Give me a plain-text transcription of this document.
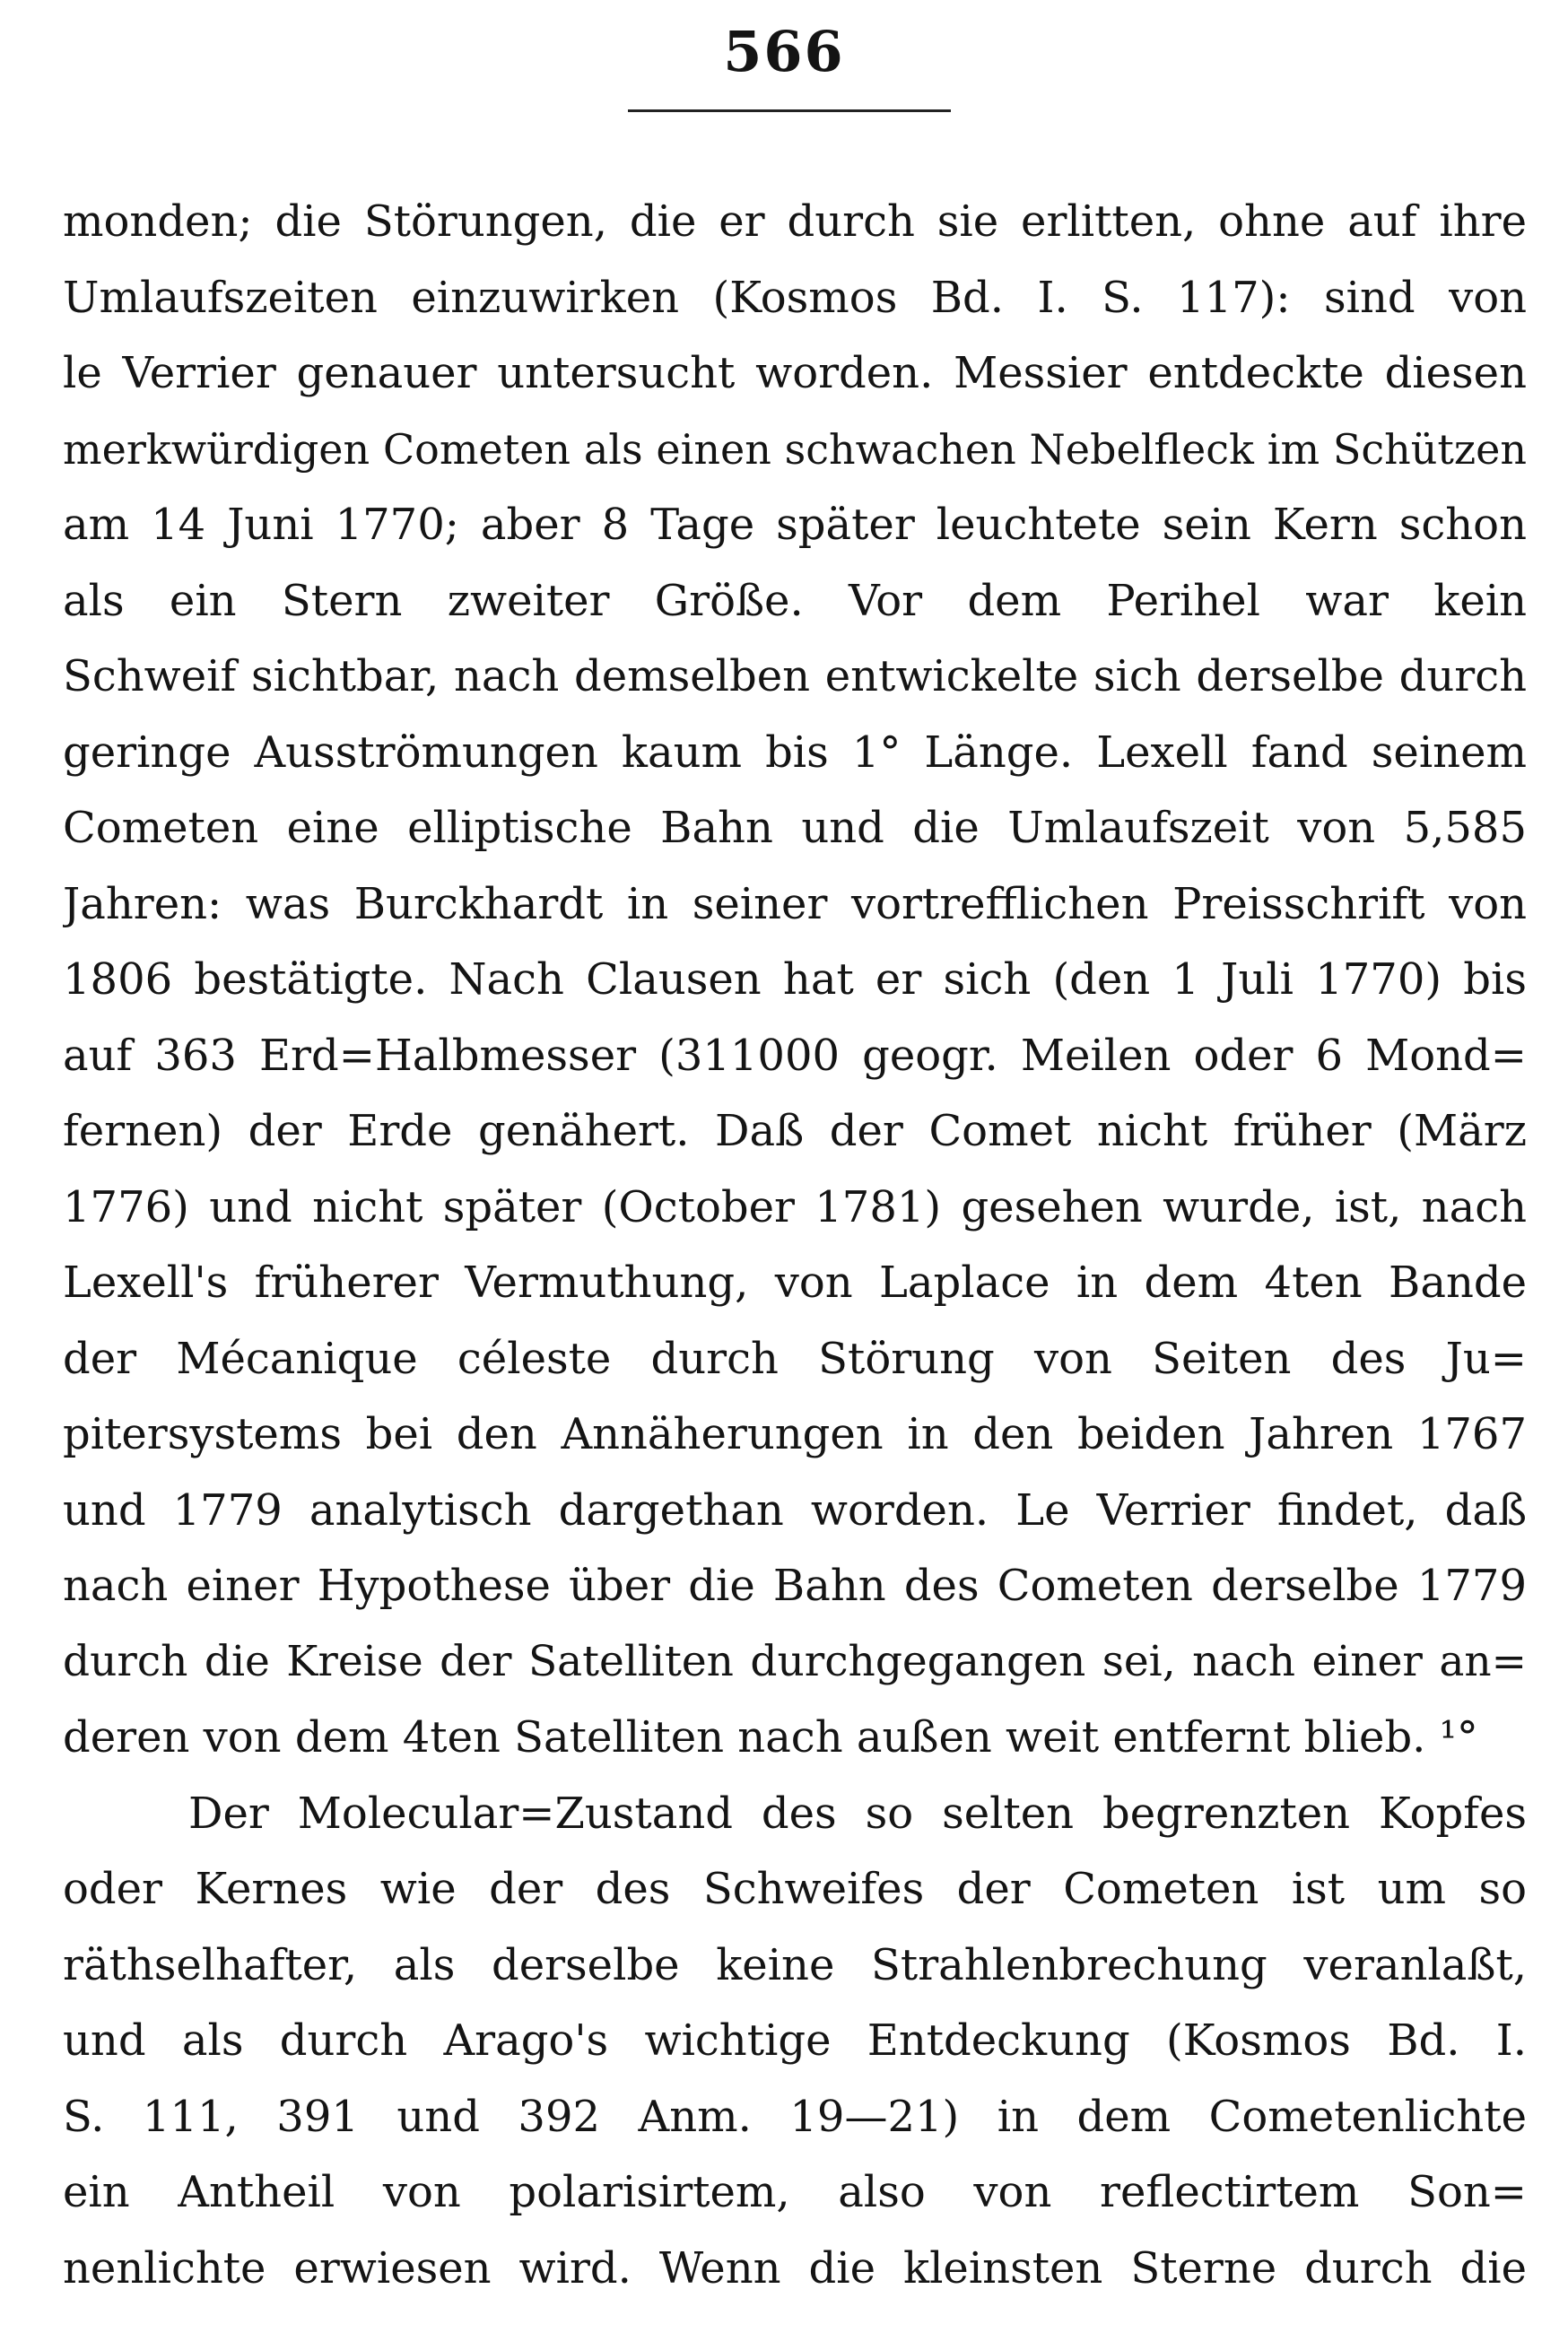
566
monden; die Störungen, die er durch sie erlitten, ohne auf ihre
Umlaufszeiten einzuwirken (Kosmos Bd. I. S. 117): sind von
le Verrier genauer untersucht worden. Messier entdeckte diesen
merkwürdigen Cometen als einen schwachen Nebelfleck im Schützen
am 14 Juni 1770; aber 8 Tage später leuchtete sein Kern schon
als ein Stern zweiter Größe. Vor dem Perihel war kein
Schweif sichtbar, nach demselben entwickelte sich derselbe durch
geringe Ausströmungen kaum bis 1° Länge. Lexell fand seinem
Cometen eine elliptische Bahn und die Umlaufszeit von 5,585
Jahren: was Burckhardt in seiner vortrefflichen Preisschrift von
1806 bestätigte. Nach Clausen hat er sich (den 1 Juli 1770) bis
auf 363 Erd=Halbmesser (311000 geogr. Meilen oder 6 Mond=
fernen) der Erde genähert. Daß der Comet nicht früher (März
1776) und nicht später (October 1781) gesehen wurde, ist, nach
Lexell's früherer Vermuthung, von Laplace in dem 4ten Bande
der Mécanique céleste durch Störung von Seiten des Ju=
pitersystems bei den Annäherungen in den beiden Jahren 1767
und 1779 analytisch dargethan worden. Le Verrier findet, daß
nach einer Hypothese über die Bahn des Cometen derselbe 1779
durch die Kreise der Satelliten durchgegangen sei, nach einer an=
deren von dem 4ten Satelliten nach außen weit entfernt blieb. ¹°
Der Molecular=Zustand des so selten begrenzten Kopfes
oder Kernes wie der des Schweifes der Cometen ist um so
räthselhafter, als derselbe keine Strahlenbrechung veranlaßt,
und als durch Arago's wichtige Entdeckung (Kosmos Bd. I.
S. 111, 391 und 392 Anm. 19—21) in dem Cometenlichte
ein Antheil von polarisirtem, also von reflectirtem Son=
nenlichte erwiesen wird. Wenn die kleinsten Sterne durch die
